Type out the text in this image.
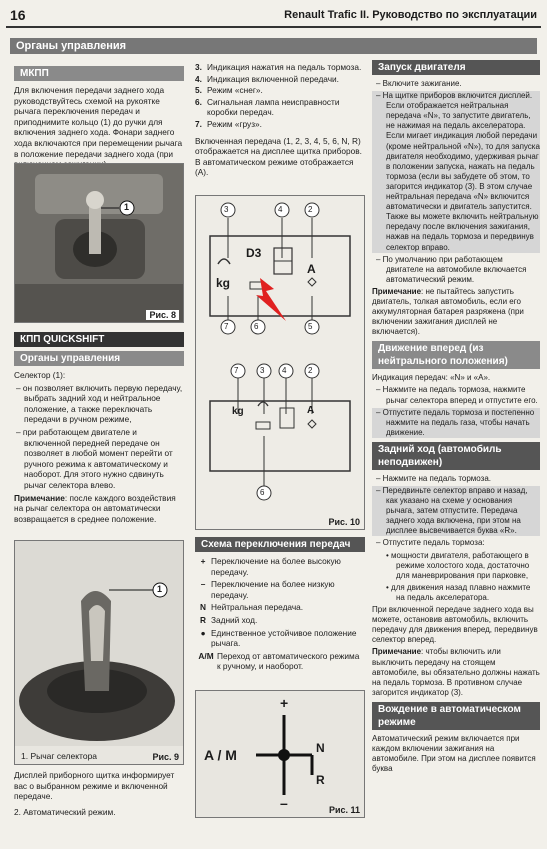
16	Renault Trafic II. Руководство по эксплуатации
Органы управления
МКПП

Для включения передачи заднего хода руководствуйтесь схемой на рукоятке рычага переключения передач и приподнимите кольцо (1) до ручки для включения заднего хода. Фонари заднего хода включаются при перемещении рычага в положение передачи заднего хода (при

1
Рис. 8
КПП QUICKSHIFT
Органы управления

Селектор (1):

– он позволяет включить первую передачу, выбрать задний ход и нейтральное положение, а также переключать передачи в ручном режиме,

– при работающем двигателе и включенной передней передаче он позволяет в любой момент перейти от ручного режима к автоматическому и наоборот. Для этого нужно сдвинуть рычаг селектора влево.

Примечание: после каждого воздействия на рычаг селектора он автоматически возвращается в среднее положение.

1
1. Рычаг селектора	Рис. 9

Дисплей приборного щитка информирует вас о выбранном режиме и включенной передаче.

2. Автоматический режим.

3. Индикация нажатия на педаль тормоза.
4. Индикация включенной передачи.
5. Режим «снег».
6. Сигнальная лампа неисправности коробки передач.
7. Режим «груз».

Включенная передача (1, 2, 3, 4, 5, 6, N, R) отображается на дисплее щитка приборов. В автоматическом режиме отображается (А).

3	4	2
7	6	5
D3
kg
A
7	3 4	2
6
kg	A
Рис. 10
Схема переключения передач
+ Переключение на более высокую передачу.
– Переключение на более низкую передачу.
N Нейтральная передача.
R Задний ход.
● Единственное устойчивое положение рычага.
А/М Переход от автоматического режима к ручному, и наоборот.
+
–
A / M	N
R
Рис. 11
Запуск двигателя

– Включите зажигание.

– На щитке приборов включится дисплей. Если отображается нейтральная передача «N», то запустите двигатель, не нажимая на педаль акселератора. Если мигает индикация любой передачи (кроме нейтральной «N»), то для запуска двигателя необходимо, удерживая рычаг в положении запуска, нажать на педаль тормоза (если вы забудете об этом, то загорится индикатор (3). В этом случае нейтральная передача «N» включится автоматически и двигатель запустится. Также вы можете включить нейтральную передачу после включения зажигания, нажав на педаль тормоза и передвинув селектор вправо.

– По умолчанию при работающем двигателе на автомобиле включается автоматический режим.

Примечание: не пытайтесь запустить двигатель, толкая автомобиль, если его аккумуляторная батарея разряжена (при включении зажигания дисплей не включается).

Движение вперед (из нейтрального положения)

Индикация передач: «N» и «А».

– Нажмите на педаль тормоза, нажмите рычаг селектора вперед и отпустите его.

– Отпустите педаль тормоза и постепенно нажмите на педаль газа, чтобы начать движение.

Задний ход (автомобиль неподвижен)

– Нажмите на педаль тормоза.

– Передвиньте селектор вправо и назад, как указано на схеме у основания рычага, затем отпустите. Передача заднего хода включена, при этом на дисплее высвечивается буква «R».

– Отпустите педаль тормоза:

• мощности двигателя, работающего в режиме холостого хода, достаточно для маневрирования при парковке,

• для движения назад плавно нажмите на педаль акселератора.

При включенной передаче заднего хода вы можете, остановив автомобиль, включить передачу для движения вперед, передвинув селектор вперед.

Примечание: чтобы включить или выключить передачу на стоящем автомобиле, вы обязательно должны нажать на педаль тормоза. В противном случае загорится индикатор (3).

Вождение в автоматическом режиме

Автоматический режим включается при каждом включении зажигания на автомобиле. При этом на дисплее появится буква
